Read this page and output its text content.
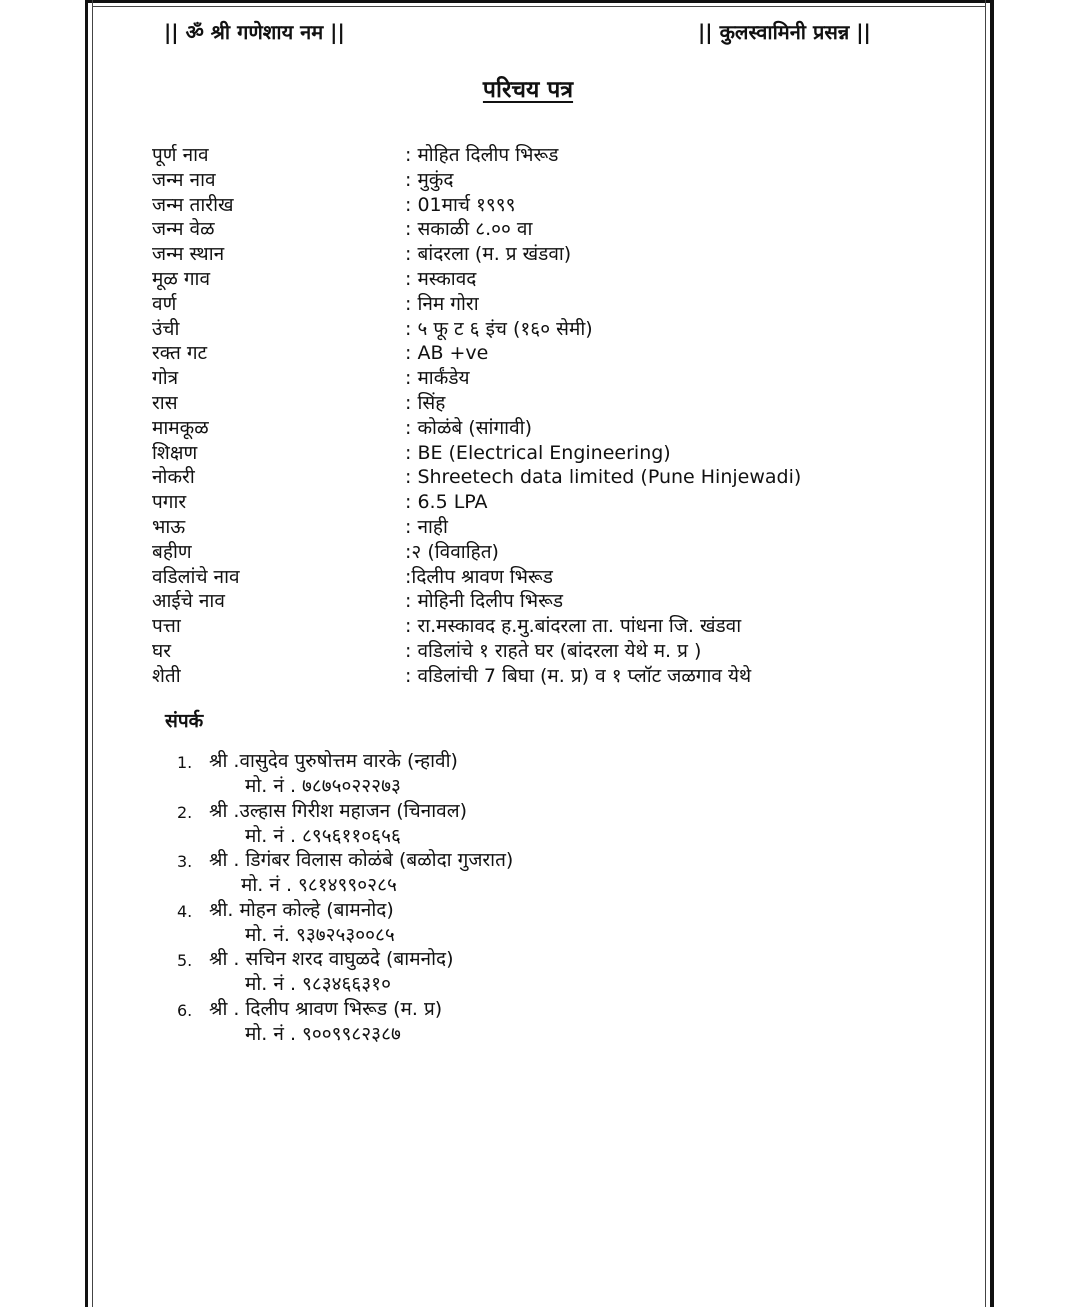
|| ॐ श्री गणेशाय नम ||	|| कुलस्वामिनी प्रसन्न ||
परिचय पत्र
पूर्ण नाव	: मोहित दिलीप भिरूड
जन्म नाव	: मुकुंद
जन्म तारीख	: 01मार्च १९९९
जन्म वेळ	: सकाळी ८.०० वा
जन्म स्थान	: बांदरला (म. प्र खंडवा)
मूळ गाव	: मस्कावद
वर्ण	: निम गोरा
उंची	: ५ फू ट ६ इंच (१६० सेमी)
रक्त गट	: AB +ve
गोत्र	: मार्कंडेय
रास	: सिंह
मामकूळ	: कोळंबे (सांगावी)
शिक्षण	: BE (Electrical Engineering)
नोकरी	: Shreetech data limited (Pune Hinjewadi)
पगार	: 6.5 LPA
भाऊ	: नाही
बहीण	:२ (विवाहित)
वडिलांचे नाव	:दिलीप श्रावण भिरूड
आईचे नाव	: मोहिनी दिलीप भिरूड
पत्ता	: रा.मस्कावद ह.मु.बांदरला ता. पांधना जि. खंडवा
घर	: वडिलांचे १ राहते घर (बांदरला येथे म. प्र )
शेती	: वडिलांची 7 बिघा (म. प्र) व १ प्लॉट जळगाव येथे
संपर्क
1. श्री .वासुदेव पुरुषोत्तम वारके (न्हावी)
मो. नं . ७८७५०२२२७३
2. श्री .उल्हास गिरीश महाजन (चिनावल)
मो. नं . ८९५६११०६५६
3. श्री . डिगंबर विलास कोळंबे (बळोदा गुजरात)
मो. नं . ९८१४९९०२८५
4. श्री. मोहन कोल्हे (बामनोद)
मो. नं. ९३७२५३००८५
5. श्री . सचिन शरद वाघुळदे (बामनोद)
मो. नं . ९८३४६६३१०
6. श्री . दिलीप श्रावण भिरूड (म. प्र)
मो. नं . ९००९९८२३८७
